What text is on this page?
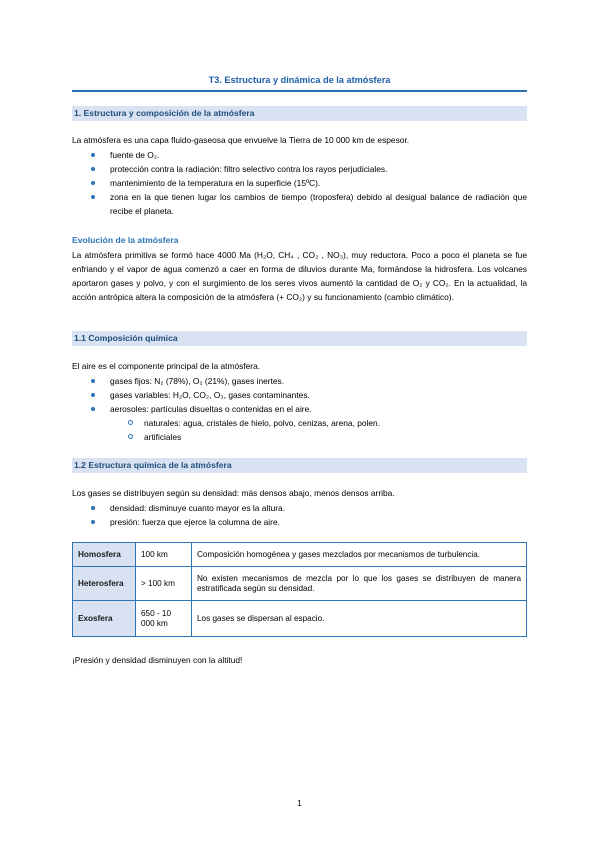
T3. Estructura y dinámica de la atmósfera
1. Estructura y composición de la atmósfera

La atmósfera es una capa fluido-gaseosa que envuelve la Tierra de 10 000 km de espesor.

fuente de O₂.
protección contra la radiación: filtro selectivo contra los rayos perjudiciales.
mantenimiento de la temperatura en la superficie (15ºC).
zona en la que tienen lugar los cambios de tiempo (troposfera) debido al desigual balance de radiación que recibe el planeta.
Evolución de la atmósfera

La atmósfera primitiva se formó hace 4000 Ma (H₂O, CH₄ , CO₂ , NO₃), muy reductora. Poco a poco el planeta se fue enfriando y el vapor de agua comenzó a caer en forma de diluvios durante Ma, formándose la hidrosfera. Los volcanes aportaron gases y polvo, y con el surgimiento de los seres vivos aumentó la cantidad de O₂ y CO₂. En la actualidad, la acción antrópica altera la composición de la atmósfera (+ CO₂) y su funcionamiento (cambio climático).

1.1 Composición química

El aire es el componente principal de la atmósfera.

gases fijos: N₂ (78%), O₂ (21%), gases inertes.
gases variables: H₂O, CO₂, O₃, gases contaminantes.
aerosoles: partículas disueltas o contenidas en el aire.
naturales: agua, cristales de hielo, polvo, cenizas, arena, polen.
artificiales
1.2 Estructura química de la atmósfera

Los gases se distribuyen según su densidad: más densos abajo, menos densos arriba.

densidad: disminuye cuanto mayor es la altura.
presión: fuerza que ejerce la columna de aire.
Homosfera	100 km	Composición homogénea y gases mezclados por mecanismos de turbulencia.
Heterosfera	> 100 km	No existen mecanismos de mezcla por lo que los gases se distribuyen de manera estratificada según su densidad.
Exosfera	650 - 10 000 km	Los gases se dispersan al espacio.

¡Presión y densidad disminuyen con la altitud!

1
